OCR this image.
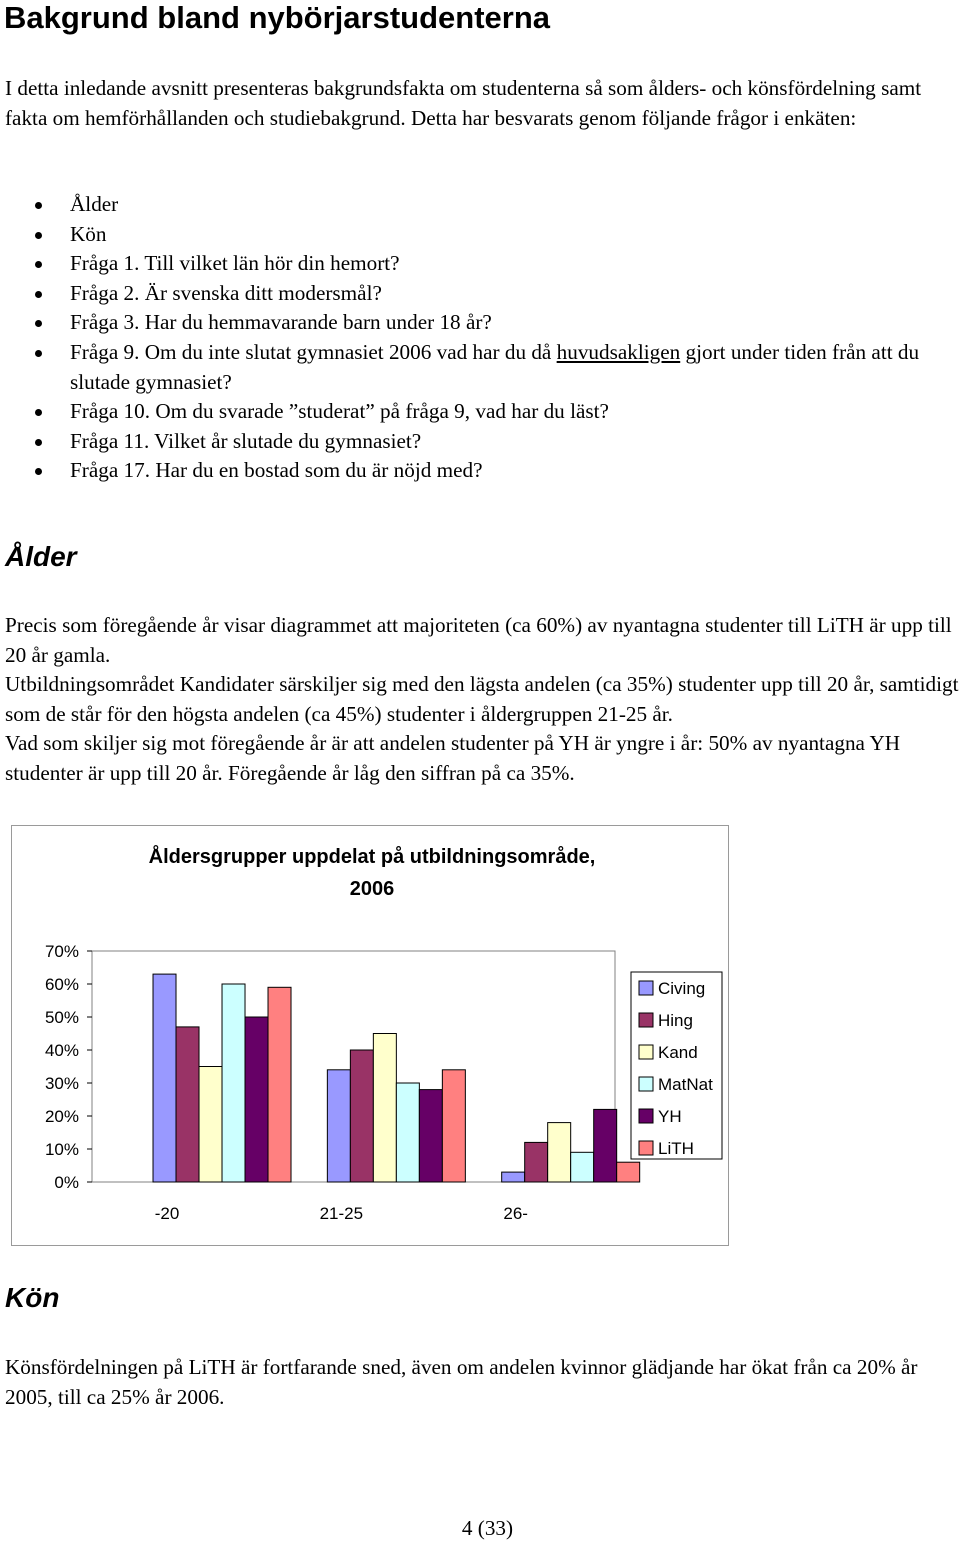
Bakgrund bland nybörjarstudenterna
I detta inledande avsnitt presenteras bakgrundsfakta om studenterna så som ålders- och könsfördelning samt fakta om hemförhållanden och studiebakgrund. Detta har besvarats genom följande frågor i enkäten:
Ålder
Kön
Fråga 1. Till vilket län hör din hemort?
Fråga 2. Är svenska ditt modersmål?
Fråga 3. Har du hemmavarande barn under 18 år?
Fråga 9. Om du inte slutat gymnasiet 2006 vad har du då huvudsakligen gjort under tiden från att du slutade gymnasiet?
Fråga 10. Om du svarade ”studerat” på fråga 9, vad har du läst?
Fråga 11. Vilket år slutade du gymnasiet?
Fråga 17. Har du en bostad som du är nöjd med?
Ålder

Precis som föregående år visar diagrammet att majoriteten (ca 60%) av nyantagna studenter till LiTH är upp till 20 år gamla.

Utbildningsområdet Kandidater särskiljer sig med den lägsta andelen (ca 35%) studenter upp till 20 år, samtidigt som de står för den högsta andelen (ca 45%) studenter i åldergruppen 21-25 år.

Vad som skiljer sig mot föregående år är att andelen studenter på YH är yngre i år: 50% av nyantagna YH studenter är upp till 20 år. Föregående år låg den siffran på ca 35%.

Åldersgrupper uppdelat på utbildningsområde,
2006
0%
10%
20%
30%
40%
50%
60%
70%
-20	21-25	26-
Civing
Hing
Kand
MatNat
YH
LiTH
Kön
Könsfördelningen på LiTH är fortfarande sned, även om andelen kvinnor glädjande har ökat från ca 20% år 2005, till ca 25% år 2006.
4 (33)
